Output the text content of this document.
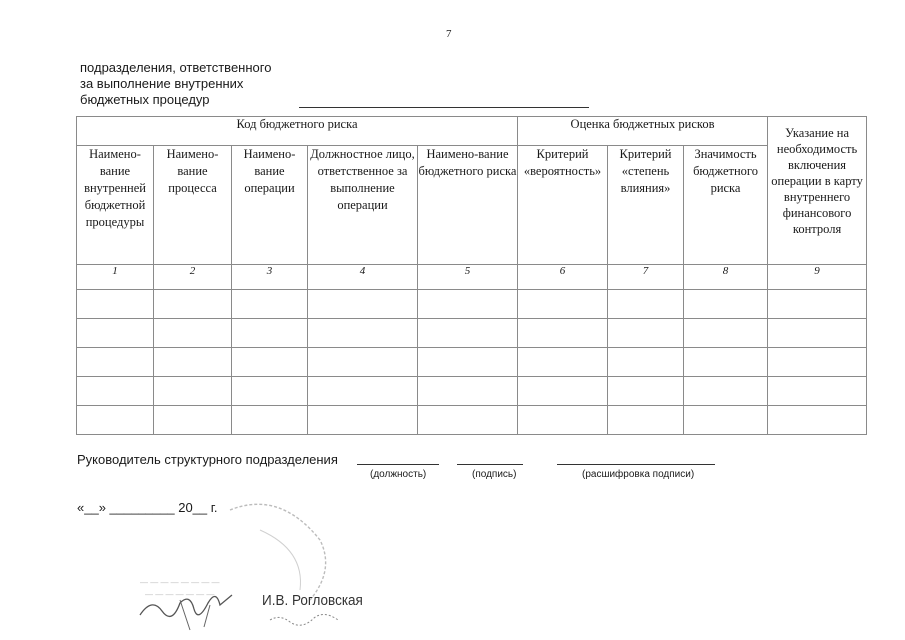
7
подразделения, ответственного
за выполнение внутренних
бюджетных процедур
Код бюджетного риска					Оценка бюджетных рисков			Указание на необходимость включения операции в карту внутреннего финансового контроля
Наимено-вание внутренней бюджетной процедуры	Наимено-вание процесса	Наимено-вание операции	Должностное лицо, ответственное за выполнение операции	Наимено-вание бюджетного риска	Критерий «вероятность»	Критерий «степень влияния»	Значимость бюджетного риска	
1	2	3	4	5	6	7	8	9

Руководитель структурного подразделения
(должность)	(подпись)	(расшифровка подписи)
«__» _________ 20__ г.
— — — — — — — —
— — — — — — —	И.В. Рогловская
